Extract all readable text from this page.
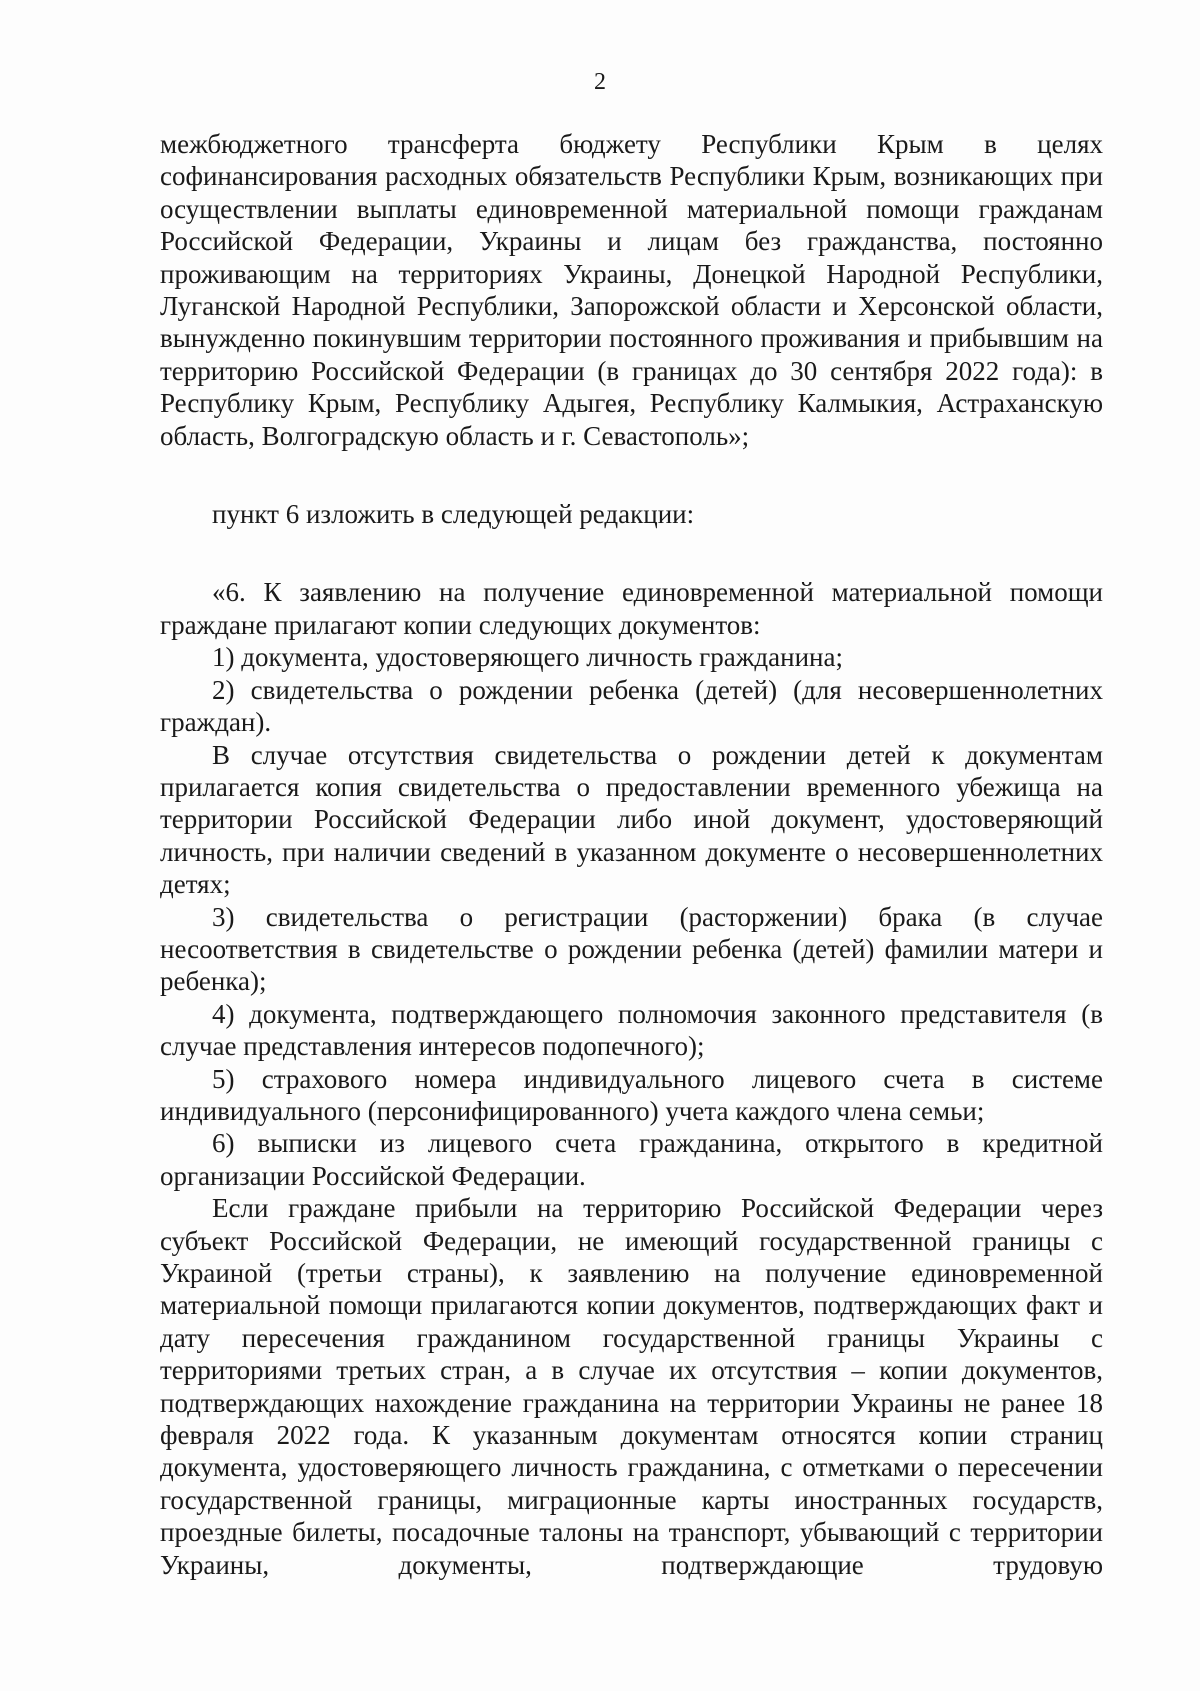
2

межбюджетного трансферта бюджету Республики Крым в целях софинансирования расходных обязательств Республики Крым, возникающих при осуществлении выплаты единовременной материальной помощи гражданам Российской Федерации, Украины и лицам без гражданства, постоянно проживающим на территориях Украины, Донецкой Народной Республики, Луганской Народной Республики, Запорожской области и Херсонской области, вынужденно покинувшим территории постоянного проживания и прибывшим на территорию Российской Федерации (в границах до 30 сентября 2022 года): в Республику Крым, Республику Адыгея, Республику Калмыкия, Астраханскую область, Волгоградскую область и г. Севастополь»;

пункт 6 изложить в следующей редакции:

«6. К заявлению на получение единовременной материальной помощи граждане прилагают копии следующих документов:

1) документа, удостоверяющего личность гражданина;

2) свидетельства о рождении ребенка (детей) (для несовершеннолетних граждан).

В случае отсутствия свидетельства о рождении детей к документам прилагается копия свидетельства о предоставлении временного убежища на территории Российской Федерации либо иной документ, удостоверяющий личность, при наличии сведений в указанном документе о несовершеннолетних детях;

3) свидетельства о регистрации (расторжении) брака (в случае несоответствия в свидетельстве о рождении ребенка (детей) фамилии матери и ребенка);

4) документа, подтверждающего полномочия законного представителя (в случае представления интересов подопечного);

5) страхового номера индивидуального лицевого счета в системе индивидуального (персонифицированного) учета каждого члена семьи;

6) выписки из лицевого счета гражданина, открытого в кредитной организации Российской Федерации.

Если граждане прибыли на территорию Российской Федерации через субъект Российской Федерации, не имеющий государственной границы с Украиной (третьи страны), к заявлению на получение единовременной материальной помощи прилагаются копии документов, подтверждающих факт и дату пересечения гражданином государственной границы Украины с территориями третьих стран, а в случае их отсутствия – копии документов, подтверждающих нахождение гражданина на территории Украины не ранее 18 февраля 2022 года. К указанным документам относятся копии страниц документа, удостоверяющего личность гражданина, с отметками о пересечении государственной границы, миграционные карты иностранных государств, проездные билеты, посадочные талоны на транспорт, убывающий с территории Украины, документы, подтверждающие трудовую
